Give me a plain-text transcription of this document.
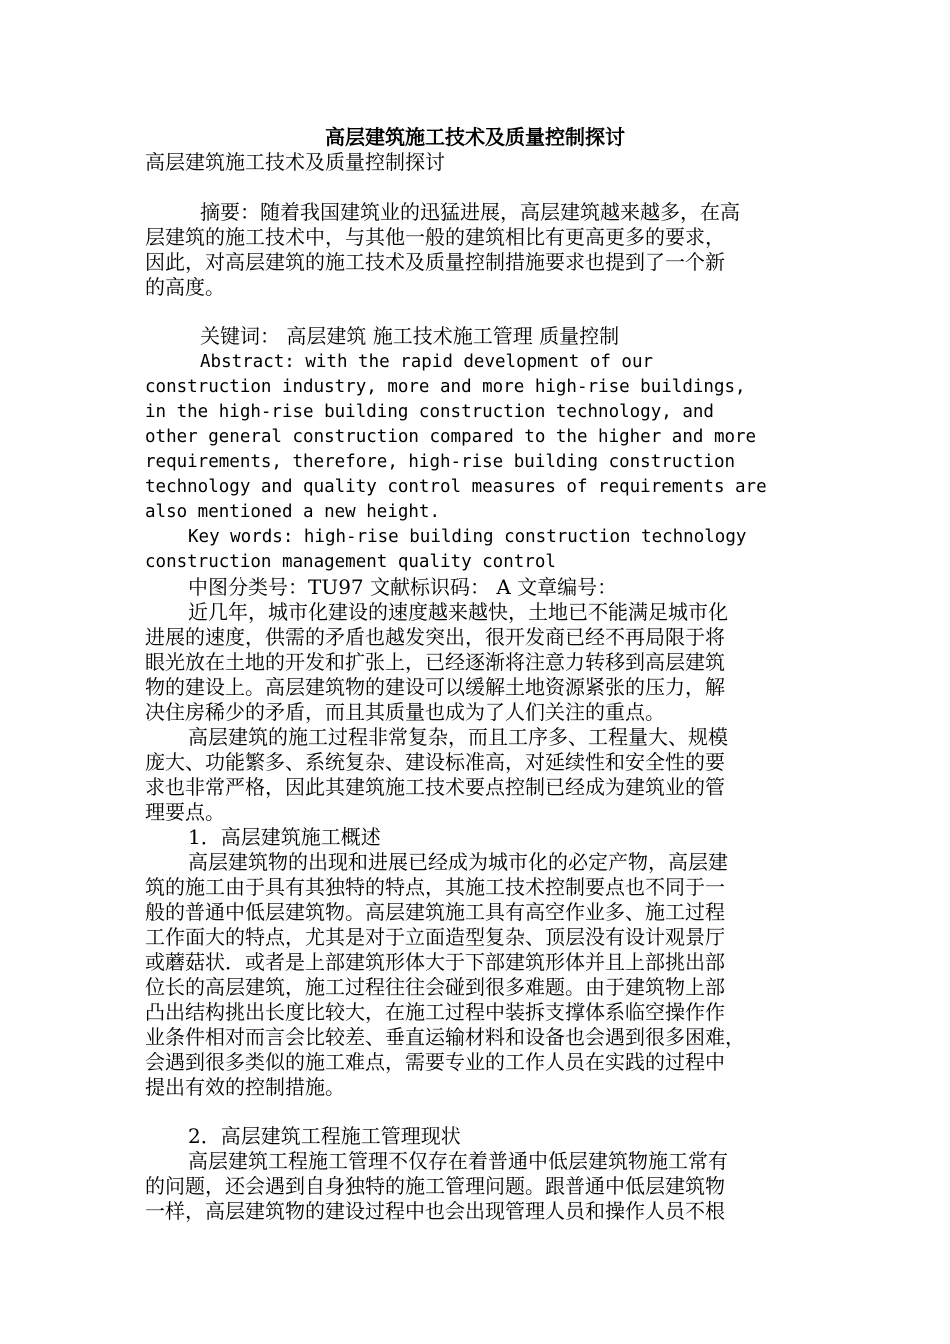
高层建筑施工技术及质量控制探讨
高层建筑施工技术及质量控制探讨
摘要：随着我国建筑业的迅猛进展，高层建筑越来越多，在高
层建筑的施工技术中，与其他一般的建筑相比有更高更多的要求，
因此，对高层建筑的施工技术及质量控制措施要求也提到了一个新
的高度。
关键词： 高层建筑 施工技术施工管理 质量控制
Abstract: with the rapid development of our
construction industry, more and more high-rise buildings,
in the high-rise building construction technology, and
other general construction compared to the higher and more
requirements, therefore, high-rise building construction
technology and quality control measures of requirements are
also mentioned a new height.
Key words: high-rise building construction technology
construction management quality control
中图分类号：TU97 文献标识码： A 文章编号：
近几年，城市化建设的速度越来越快，土地已不能满足城市化
进展的速度，供需的矛盾也越发突出，很开发商已经不再局限于将
眼光放在土地的开发和扩张上，已经逐渐将注意力转移到高层建筑
物的建设上。高层建筑物的建设可以缓解土地资源紧张的压力，解
决住房稀少的矛盾，而且其质量也成为了人们关注的重点。
高层建筑的施工过程非常复杂，而且工序多、工程量大、规模
庞大、功能繁多、系统复杂、建设标准高，对延续性和安全性的要
求也非常严格，因此其建筑施工技术要点控制已经成为建筑业的管
理要点。
1．高层建筑施工概述
高层建筑物的出现和进展已经成为城市化的必定产物，高层建
筑的施工由于具有其独特的特点，其施工技术控制要点也不同于一
般的普通中低层建筑物。高层建筑施工具有高空作业多、施工过程
工作面大的特点，尤其是对于立面造型复杂、顶层没有设计观景厅
或蘑菇状．或者是上部建筑形体大于下部建筑形体并且上部挑出部
位长的高层建筑，施工过程往往会碰到很多难题。由于建筑物上部
凸出结构挑出长度比较大，在施工过程中装拆支撑体系临空操作作
业条件相对而言会比较差、垂直运输材料和设备也会遇到很多困难，
会遇到很多类似的施工难点，需要专业的工作人员在实践的过程中
提出有效的控制措施。
2．高层建筑工程施工管理现状
高层建筑工程施工管理不仅存在着普通中低层建筑物施工常有
的问题，还会遇到自身独特的施工管理问题。跟普通中低层建筑物
一样，高层建筑物的建设过程中也会出现管理人员和操作人员不根
